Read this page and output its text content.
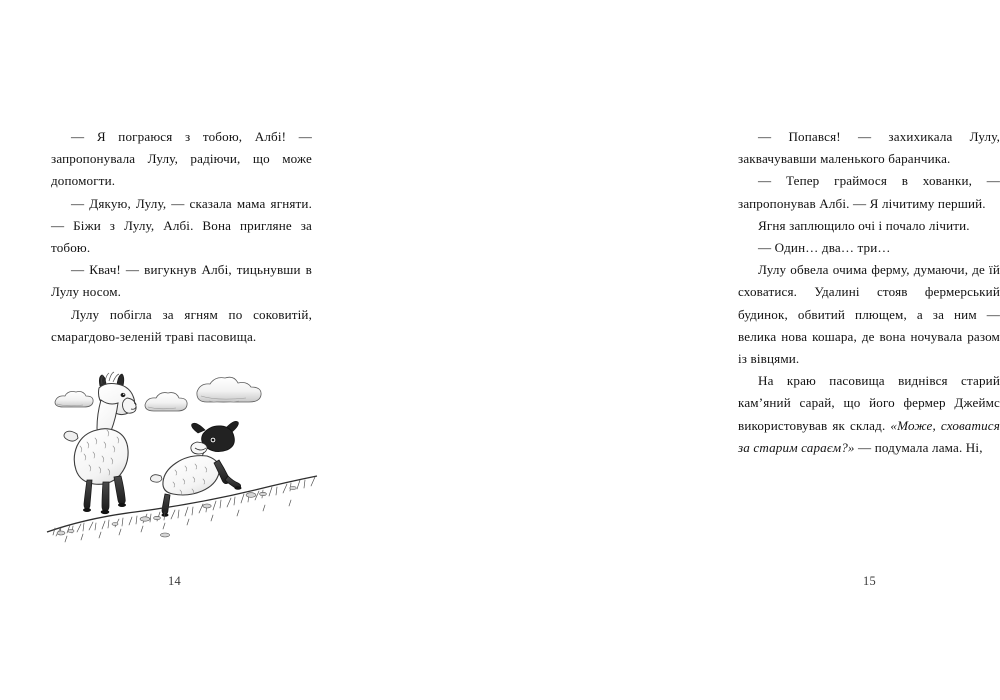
— Я пограюся з тобою, Албі! — запропонувала Лулу, радіючи, що може допомогти.

— Дякую, Лулу, — сказала мама ягняти. — Біжи з Лулу, Албі. Вона пригляне за тобою.

— Квач! — вигукнув Албі, тицьнувши в Лулу носом.

Лулу побігла за ягням по соковитій, смарагдово-зеленій траві пасовища.

14

— Попався! — захихикала Лулу, заквачувавши маленького баранчика.

— Тепер граймося в хованки, — запропонував Албі. — Я лічитиму перший.

Ягня заплющило очі і почало лічити.

— Один… два… три…

Лулу обвела очима ферму, думаючи, де їй сховатися. Удалині стояв фермерський будинок, обвитий плющем, а за ним — велика нова кошара, де вона ночувала разом із вівцями.

На краю пасовища виднівся старий кам’яний сарай, що його фермер Джеймс використовував як склад. «Може, сховатися за старим сараєм?» — подумала лама. Ні,

15
